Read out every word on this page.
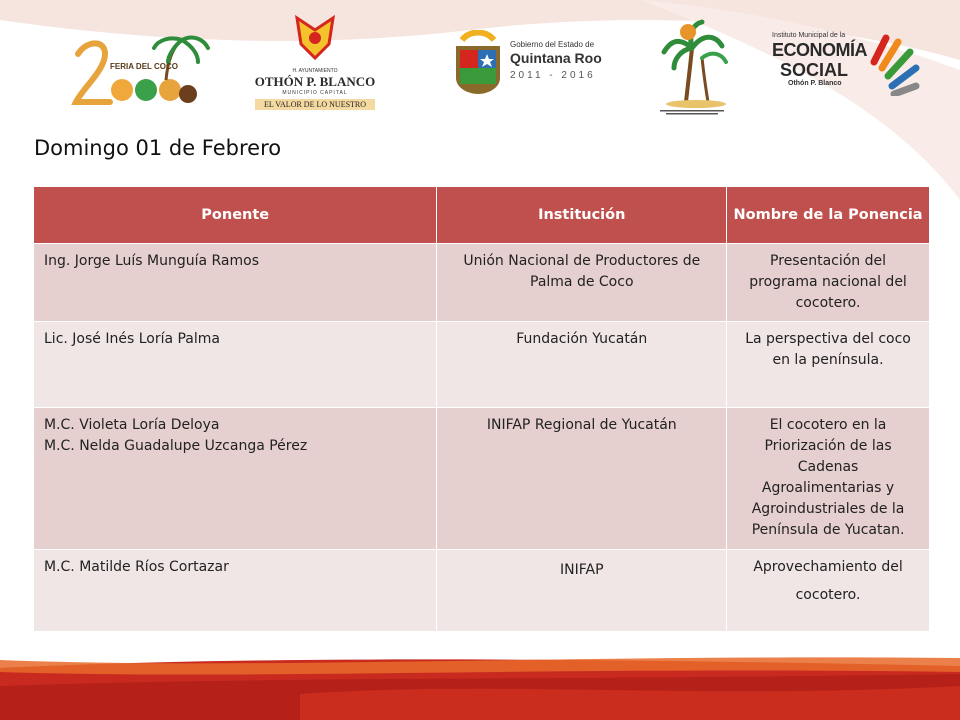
FERIA DEL COCO	H. AYUNTAMIENTO
OTHÓN P. BLANCO
MUNICIPIO CAPITAL
EL VALOR DE LO NUESTRO
Gobierno del Estado de
Quintana Roo
2011 - 2016
Instituto Municipal de la
ECONOMÍA
SOCIAL
Othón P. Blanco
Domingo 01 de Febrero
Ponente	Institución	Nombre de la Ponencia

Ing. Jorge Luís Munguía Ramos	Unión Nacional de Productores de Palma de Coco	Presentación del programa nacional del cocotero.

Lic. José Inés Loría Palma	Fundación Yucatán	La perspectiva del coco en la península.

M.C. Violeta Loría Deloya
M.C. Nelda Guadalupe Uzcanga Pérez	INIFAP Regional de Yucatán	El cocotero en la Priorización de las Cadenas Agroalimentarias y Agroindustriales de la Península de Yucatan.

M.C. Matilde Ríos Cortazar	INIFAP	Aprovechamiento del cocotero.
